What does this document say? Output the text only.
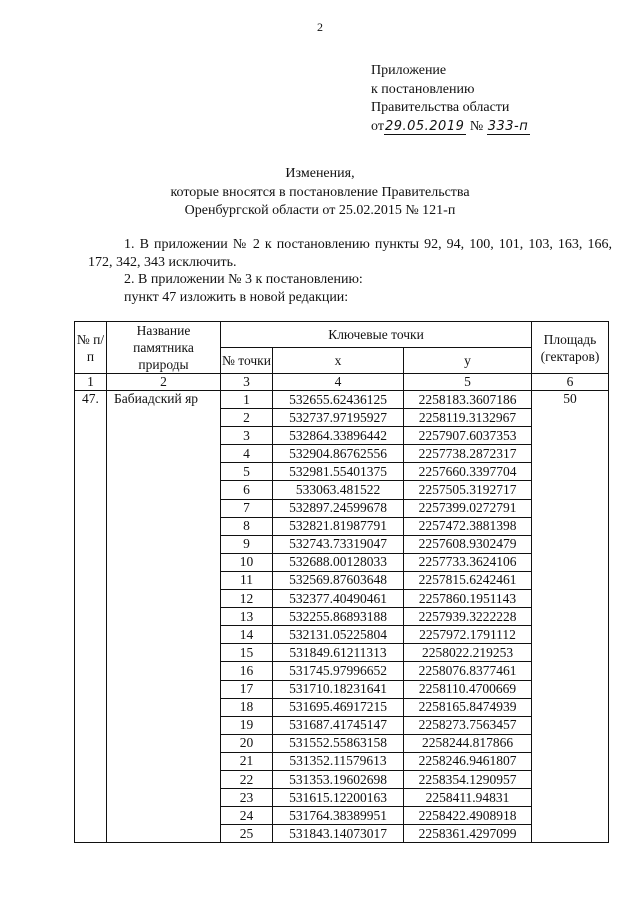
2
Приложение
к постановлению
Правительства области
от29.05.2019 № 333-п
Изменения,
которые вносятся в постановление Правительства
Оренбургской области от 25.02.2015 № 121-п
1. В приложении № 2 к постановлению пункты 92, 94, 100, 101, 103, 163, 166, 172, 342, 343 исключить.
2. В приложении № 3 к постановлению:
пункт 47 изложить в новой редакции:
№ п/п	Название памятника природы	Ключевые точки			Площадь (гектаров)
		№ точки	x	y	
1	2	3	4	5	6
47.	Бабиадский яр	1	532655.62436125	2258183.3607186	50
		2	532737.97195927	2258119.3132967	
		3	532864.33896442	2257907.6037353	
		4	532904.86762556	2257738.2872317	
		5	532981.55401375	2257660.3397704	
		6	533063.481522	2257505.3192717	
		7	532897.24599678	2257399.0272791	
		8	532821.81987791	2257472.3881398	
		9	532743.73319047	2257608.9302479	
		10	532688.00128033	2257733.3624106	
		11	532569.87603648	2257815.6242461	
		12	532377.40490461	2257860.1951143	
		13	532255.86893188	2257939.3222228	
		14	532131.05225804	2257972.1791112	
		15	531849.61211313	2258022.219253	
		16	531745.97996652	2258076.8377461	
		17	531710.18231641	2258110.4700669	
		18	531695.46917215	2258165.8474939	
		19	531687.41745147	2258273.7563457	
		20	531552.55863158	2258244.817866	
		21	531352.11579613	2258246.9461807	
		22	531353.19602698	2258354.1290957	
		23	531615.12200163	2258411.94831	
		24	531764.38389951	2258422.4908918	
		25	531843.14073017	2258361.4297099	
